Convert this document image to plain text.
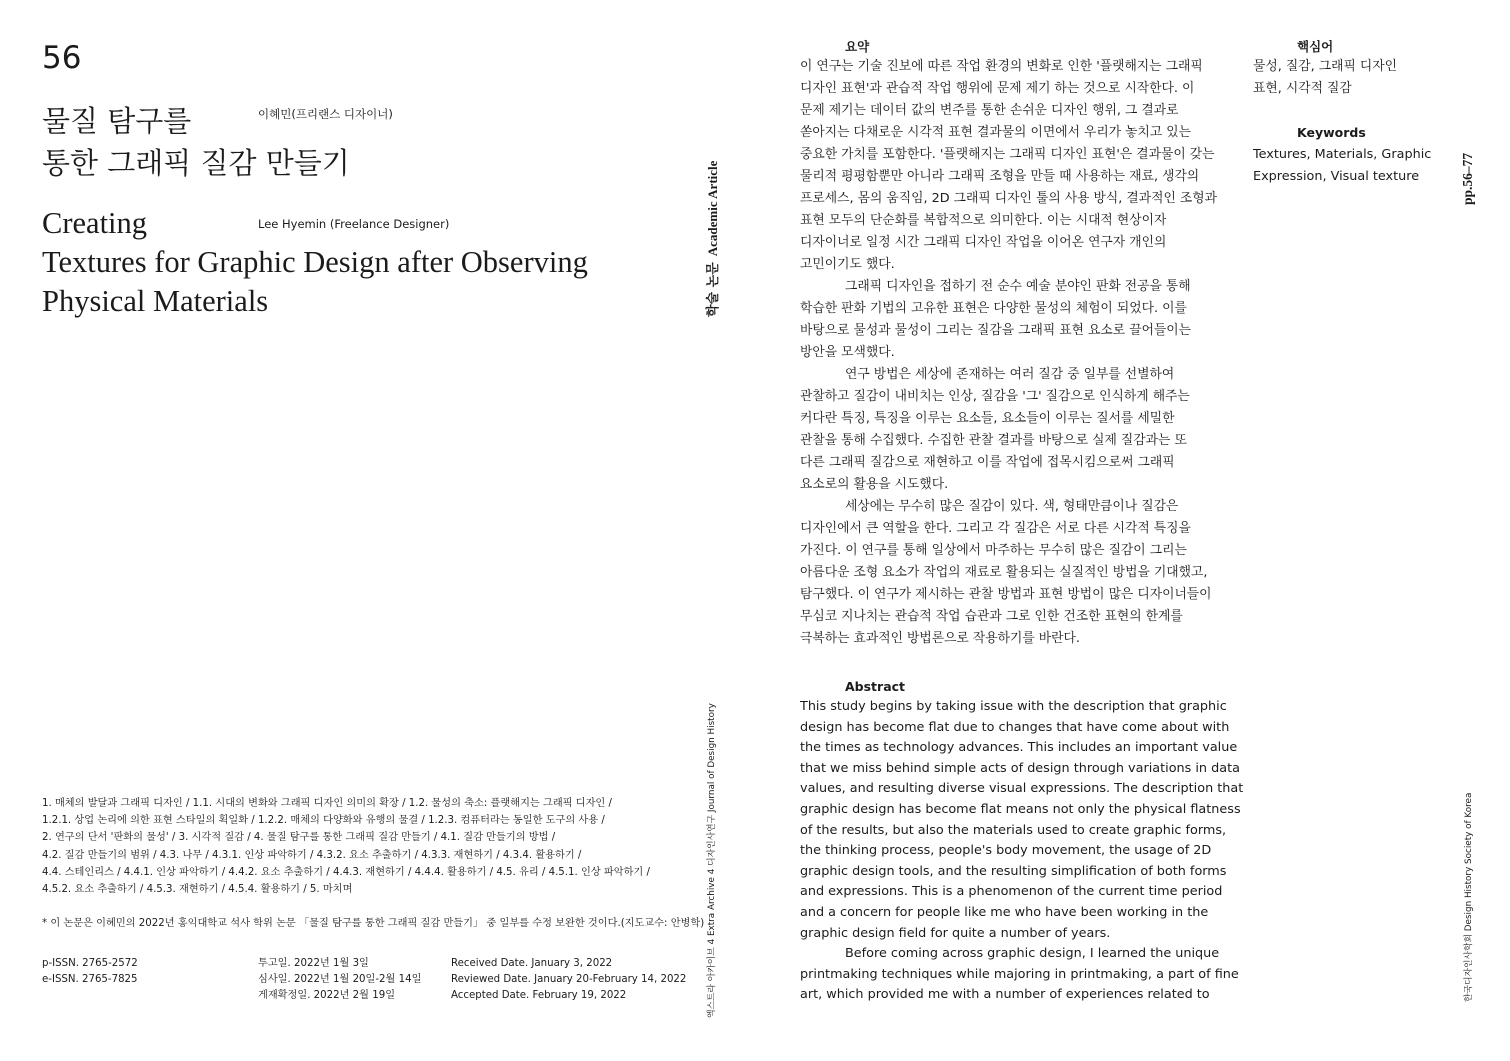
56
물질 탐구를
통한 그래픽 질감 만들기
이혜민(프리랜스 디자이너)
Creating
Textures for Graphic Design after Observing
Physical Materials
Lee Hyemin (Freelance Designer)
1. 매체의 발달과 그래픽 디자인 / 1.1. 시대의 변화와 그래픽 디자인 의미의 확장 / 1.2. 물성의 축소: 플랫해지는 그래픽 디자인 /
1.2.1. 상업 논리에 의한 표현 스타일의 획일화 / 1.2.2. 매체의 다양화와 유행의 물결 / 1.2.3. 컴퓨터라는 동일한 도구의 사용 /
2. 연구의 단서 '판화의 물성' / 3. 시각적 질감 / 4. 물질 탐구를 통한 그래픽 질감 만들기 / 4.1. 질감 만들기의 방법 /
4.2. 질감 만들기의 범위 / 4.3. 나무 / 4.3.1. 인상 파악하기 / 4.3.2. 요소 추출하기 / 4.3.3. 재현하기 / 4.3.4. 활용하기 /
4.4. 스테인리스 / 4.4.1. 인상 파악하기 / 4.4.2. 요소 추출하기 / 4.4.3. 재현하기 / 4.4.4. 활용하기 / 4.5. 유리 / 4.5.1. 인상 파악하기 /
4.5.2. 요소 추출하기 / 4.5.3. 재현하기 / 4.5.4. 활용하기 / 5. 마치며
* 이 논문은 이혜민의 2022년 홍익대학교 석사 학위 논문 「물질 탐구를 통한 그래픽 질감 만들기」 중 일부를 수정 보완한 것이다.(지도교수: 안병학)
p-ISSN. 2765-2572
e-ISSN. 2765-7825
투고일. 2022년 1월 3일
심사일. 2022년 1월 20일-2월 14일
게재확정일. 2022년 2월 19일
Received Date. January 3, 2022
Reviewed Date. January 20-February 14, 2022
Accepted Date. February 19, 2022
학술 논문Academic Article
엑스트라 아카이브 4 Extra Archive 4 디자인사연구 Journal of Design History
pp.56–77
한국디자인사학회 Design History Society of Korea
요약
이 연구는 기술 진보에 따른 작업 환경의 변화로 인한 '플랫해지는 그래픽
디자인 표현'과 관습적 작업 행위에 문제 제기 하는 것으로 시작한다. 이
문제 제기는 데이터 값의 변주를 통한 손쉬운 디자인 행위, 그 결과로
쏟아지는 다채로운 시각적 표현 결과물의 이면에서 우리가 놓치고 있는
중요한 가치를 포함한다. '플랫해지는 그래픽 디자인 표현'은 결과물이 갖는
물리적 평평함뿐만 아니라 그래픽 조형을 만들 때 사용하는 재료, 생각의
프로세스, 몸의 움직임, 2D 그래픽 디자인 툴의 사용 방식, 결과적인 조형과
표현 모두의 단순화를 복합적으로 의미한다. 이는 시대적 현상이자
디자이너로 일정 시간 그래픽 디자인 작업을 이어온 연구자 개인의
고민이기도 했다.
그래픽 디자인을 접하기 전 순수 예술 분야인 판화 전공을 통해
학습한 판화 기법의 고유한 표현은 다양한 물성의 체험이 되었다. 이를
바탕으로 물성과 물성이 그리는 질감을 그래픽 표현 요소로 끌어들이는
방안을 모색했다.
연구 방법은 세상에 존재하는 여러 질감 중 일부를 선별하여
관찰하고 질감이 내비치는 인상, 질감을 '그' 질감으로 인식하게 해주는
커다란 특징, 특징을 이루는 요소들, 요소들이 이루는 질서를 세밀한
관찰을 통해 수집했다. 수집한 관찰 결과를 바탕으로 실제 질감과는 또
다른 그래픽 질감으로 재현하고 이를 작업에 접목시킴으로써 그래픽
요소로의 활용을 시도했다.
세상에는 무수히 많은 질감이 있다. 색, 형태만큼이나 질감은
디자인에서 큰 역할을 한다. 그리고 각 질감은 서로 다른 시각적 특징을
가진다. 이 연구를 통해 일상에서 마주하는 무수히 많은 질감이 그리는
아름다운 조형 요소가 작업의 재료로 활용되는 실질적인 방법을 기대했고,
탐구했다. 이 연구가 제시하는 관찰 방법과 표현 방법이 많은 디자이너들이
무심코 지나치는 관습적 작업 습관과 그로 인한 건조한 표현의 한계를
극복하는 효과적인 방법론으로 작용하기를 바란다.
Abstract
This study begins by taking issue with the description that graphic
design has become flat due to changes that have come about with
the times as technology advances. This includes an important value
that we miss behind simple acts of design through variations in data
values, and resulting diverse visual expressions. The description that
graphic design has become flat means not only the physical flatness
of the results, but also the materials used to create graphic forms,
the thinking process, people's body movement, the usage of 2D
graphic design tools, and the resulting simplification of both forms
and expressions. This is a phenomenon of the current time period
and a concern for people like me who have been working in the
graphic design field for quite a number of years.
Before coming across graphic design, I learned the unique
printmaking techniques while majoring in printmaking, a part of fine
art, which provided me with a number of experiences related to
핵심어
물성, 질감, 그래픽 디자인
표현, 시각적 질감
Keywords
Textures, Materials, Graphic
Expression, Visual texture
